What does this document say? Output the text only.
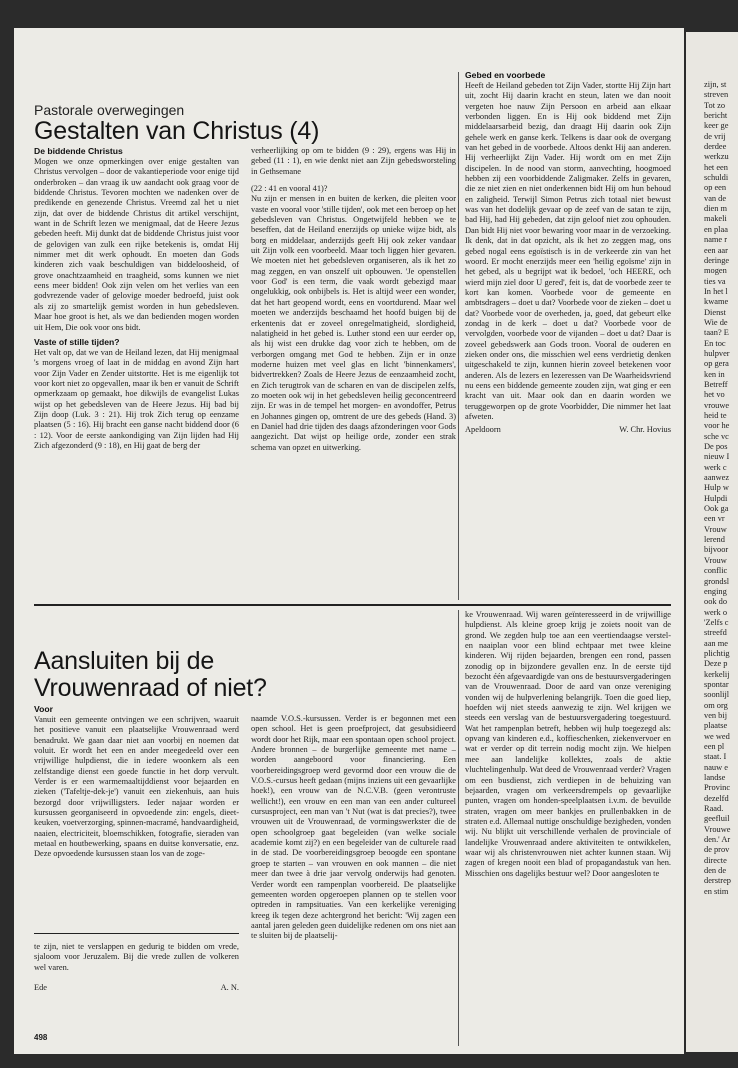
Pastorale overwegingen
Gestalten van Christus (4)
De biddende Christus

Mogen we onze opmerkingen over enige gestalten van Christus vervolgen – door de vakantieperiode voor enige tijd onderbroken – dan vraag ik uw aandacht ook graag voor de biddende Christus. Tevoren mochten we nadenken over de predikende en genezende Christus. Vreemd zal het u niet zijn, dat over de biddende Christus dit artikel verschijnt, want in de Schrift lezen we menigmaal, dat de Heere Jezus gebeden heeft. Mij dunkt dat de biddende Christus juist voor de gelovigen van zulk een rijke betekenis is, omdat Hij nimmer met dit werk ophoudt. En moeten dan Gods kinderen zich vaak beschuldigen van biddeloosheid, of grove onachtzaamheid en traagheid, soms kunnen we niet eens meer bidden! Ook zijn velen om het verlies van een godvrezende vader of gelovige moeder bedroefd, juist ook als zij zo smartelijk gemist worden in hun gebedsleven. Maar hoe groot is het, als we dan bedienden mogen worden uit Hem, Die ook voor ons bidt.

Vaste of stille tijden?

Het valt op, dat we van de Heiland lezen, dat Hij menigmaal 's morgens vroeg of laat in de middag en avond Zijn hart voor Zijn Vader en Zender uitstortte. Het is me eigenlijk tot voor kort niet zo opgevallen, maar ik ben er vanuit de Schrift opmerkzaam op gemaakt, hoe dikwijls de evangelist Lukas wijst op het gebedsleven van de Heere Jezus. Hij bad bij Zijn doop (Luk. 3 : 21). Hij trok Zich terug op eenzame plaatsen (5 : 16). Hij bracht een ganse nacht biddend door (6 : 12). Voor de eerste aankondiging van Zijn lijden had Hij Zich afgezonderd (9 : 18), en Hij gaat de berg der

verheerlijking op om te bidden (9 : 29), ergens was Hij in gebed (11 : 1), en wie denkt niet aan Zijn gebedsworsteling in Gethsemane

(22 : 41 en vooral 41)?

Nu zijn er mensen in en buiten de kerken, die pleiten voor vaste en vooral voor 'stille tijden', ook met een beroep op het gebedsleven van Christus. Ongetwijfeld hebben we te beseffen, dat de Heiland enerzijds op unieke wijze bidt, als borg en middelaar, anderzijds geeft Hij ook zeker vandaar uit Zijn volk een voorbeeld. Maar toch liggen hier gevaren. We moeten niet het gebedsleven organiseren, als ik het zo mag zeggen, en van onszelf uit opbouwen. 'Je openstellen voor God' is een term, die vaak wordt gebezigd maar ongelukkig, ook onbijbels is. Het is altijd weer een wonder, dat het hart geopend wordt, eens en voortdurend. Maar wel moeten we anderzijds beschaamd het hoofd buigen bij de erkentenis dat er zoveel onregelmatigheid, slordigheid, nalatigheid in het gebed is. Luther stond een uur eerder op, als hij wist een drukke dag voor zich te hebben, om de verborgen omgang met God te hebben. Zijn er in onze moderne huizen met veel glas en licht 'binnenkamers', bidvertrekken? Zoals de Heere Jezus de eenzaamheid zocht, en Zich terugtrok van de scharen en van de discipelen zelfs, zo moeten ook wij in het gebedsleven heilig geconcentreerd zijn. Er was in de tempel het morgen- en avondoffer, Petrus en Johannes gingen op, omtrent de ure des gebeds (Hand. 3) en Daniel had drie tijden des daags afzonderingen voor Gods aangezicht. Dat wijst op heilige orde, zonder een strak schema van opzet en uitwerking.

Gebed en voorbede

Heeft de Heiland gebeden tot Zijn Vader, stortte Hij Zijn hart uit, zocht Hij daarin kracht en steun, laten we dan nooit vergeten hoe nauw Zijn Persoon en arbeid aan elkaar verbonden liggen. En is Hij ook biddend met Zijn middelaarsarbeid bezig, dan draagt Hij daarin ook Zijn gehele werk en ganse kerk. Telkens is daar ook de overgang van het gebed in de voorbede. Altoos denkt Hij aan anderen. Hij verheerlijkt Zijn Vader. Hij wordt om en met Zijn discipelen. In de nood van storm, aanvechting, hoogmoed hebben zij een voorbiddende Zaligmaker. Zelfs in gevaren, die ze niet zien en niet onderkennen bidt Hij om hun behoud en zaligheid. Terwijl Simon Petrus zich totaal niet bewust was van het dodelijk gevaar op de zeef van de satan te zijn, bad Hij, had Hij gebeden, dat zijn geloof niet zou ophouden. Dan bidt Hij niet voor bewaring voor maar in de verzoeking. Ik denk, dat in dat opzicht, als ik het zo zeggen mag, ons gebed nogal eens egoïstisch is in de verkeerde zin van het woord. Er mocht enerzijds meer een 'heilig egoïsme' zijn in het gebed, als u begrijpt wat ik bedoel, 'och HEERE, och wierd mijn ziel door U gered', feit is, dat de voorbede zeer te kort kan komen. Voorbede voor de gemeente en ambtsdragers – doet u dat? Voorbede voor de zieken – doet u dat? Voorbede voor de overheden, ja, goed, dat gebeurt elke zondag in de kerk – doet u dat? Voorbede voor de vervolgden, voorbede voor de vijanden – doet u dat? Daar is zoveel gebedswerk aan Gods troon. Vooral de ouderen en zieken onder ons, die misschien wel eens verdrietig denken uitgeschakeld te zijn, kunnen hierin zoveel betekenen voor anderen. Als de lezers en lezeressen van De Waarheidsvriend nu eens een biddende gemeente zouden zijn, wat ging er een kracht van uit. Maar ook dan en daarin worden we teruggeworpen op de grote Voorbidder, Die nimmer het laat afweten.

Apeldoorn	W. Chr. Hovius
Aansluiten bij de
Vrouwenraad of niet?
Voor

Vanuit een gemeente ontvingen we een schrijven, waaruit het positieve vanuit een plaatselijke Vrouwenraad werd benadrukt. We gaan daar niet aan voorbij en noemen dat voluit. Er wordt het een en ander meegedeeld over een vrijwillige hulpdienst, die in iedere woonkern als een zelfstandige dienst een goede functie in het dorp vervult. Verder is er een warmemaaltijddienst voor bejaarden en zieken ('Tafeltje-dek-je') vanuit een ziekenhuis, aan huis bezorgd door vrijwilligsters. Ieder najaar worden er kursussen georganiseerd in opvoedende zin: engels, dieet-keuken, voetverzorging, spinnen-macramé, handvaardigheid, naaien, electriciteit, bloemschikken, fotografie, sieraden van metaal en houtbewerking, spaans en duitse konversatie, enz. Deze opvoedende kursussen staan los van de zoge-

te zijn, niet te verslappen en gedurig te bidden om vrede, sjaloom voor Jeruzalem. Bij die vrede zullen de volkeren wel varen.

Ede	A. N.

naamde V.O.S.-kursussen. Verder is er begonnen met een open school. Het is geen proefproject, dat gesubsidieerd wordt door het Rijk, maar een spontaan open school project. Andere bronnen – de burgerlijke gemeente met name – worden aangeboord voor financiering. Een voorbereidingsgroep werd gevormd door een vrouw die de V.O.S.-cursus heeft gedaan (mijns inziens uit een gevaarlijke hoek!), een vrouw van de N.C.V.B. (geen verontruste wellicht!), een vrouw en een man van een ander cultureel cursusproject, een man van 't Nut (wat is dat precies?), twee vrouwen uit de Vrouwenraad, de vormingswerkster die de open schoolgroep gaat begeleiden (van welke sociale academie komt zij?) en een begeleider van de culturele raad in de stad. De voorbereidingsgroep beoogde een spontane groep te starten – van vrouwen en ook mannen – die niet meer dan twee à drie jaar vervolg onderwijs had genoten. Verder wordt een rampenplan voorbereid. De plaatselijke gemeenten worden opgeroepen plannen op te stellen voor optreden in rampsituaties. Van een kerkelijke vereniging kreeg ik tegen deze achtergrond het bericht: 'Wij zagen een aantal jaren geleden geen duidelijke redenen om ons niet aan te sluiten bij de plaatselij-

ke Vrouwenraad. Wij waren geïnteresseerd in de vrijwillige hulpdienst. Als kleine groep krijg je zoiets nooit van de grond. We zegden hulp toe aan een veertiendaagse verstel- en naaiplan voor een blind echtpaar met twee kleine kinderen. Wij rijden bejaarden, brengen een rond, passen zonodig op in bijzondere gevallen enz. In de eerste tijd bezocht één afgevaardigde van ons de bestuursvergaderingen van de Vrouwenraad. Door de aard van onze vereniging vonden wij de hulpverlening belangrijk. Toen die goed liep, hoefden wij niet steeds aanwezig te zijn. Wel krijgen we steeds een verslag van de bestuursvergadering toegestuurd. Wat het rampenplan betreft, hebben wij hulp toegezegd als: opvang van kinderen e.d., koffieschenken, ziekenvervoer en wat er verder op dit terrein nodig mocht zijn. We hielpen mee aan landelijke kollektes, zoals de aktie vluchtelingenhulp. Wat deed de Vrouwenraad verder? Vragen om een busdienst, zich verdiepen in de behuizing van bejaarden, vragen om verkeersdrempels op gevaarlijke punten, vragen om honden-speelplaatsen i.v.m. de bevuilde straten, vragen om meer bankjes en prullenbakken in de straten e.d. Allemaal nuttige onschuldige bezigheden, vonden wij. Nu blijkt uit verschillende verhalen de provinciale of landelijke Vrouwenraad andere aktiviteiten te ontwikkelen, waar wij als christenvrouwen niet achter kunnen staan. Wij zagen of kregen nooit een blad of propagandastuk van hen. Misschien ons dagelijks bestuur wel? Door aangesloten te

498
zijn, st
streven
Tot zo
bericht
keer ge
de vrij
derdee
werkzu
het een
schuldi
op een
van de
dien m
makeli
en plaa
name r
een aar
deringe
mogen
ties va
In het l
kwame
Dienst
Wie de
taan? E
En toc
hulpver
op gera
ken in
Betreff
het vo
vrouwe
heid te
voor he
sche vc
De pos
nieuw I
werk c
aanwez
Hulp w
Hulpdi
Ook ga
een vr
Vrouw
lerend
bijvoor
Vrouw
conflic
grondsl
enging
ook do
werk o
'Zelfs c
streefd
aan me
plichtig
Deze p
kerkelij
spontar
soonlijl
om org
ven bij
plaatse
we wed
een pl
staat. I
nauw e
landse
Provinc
dezelfd
Raad.
geefluil
Vrouwe
den.' Ar
de prov
directe
den de
derstrep
en stim
